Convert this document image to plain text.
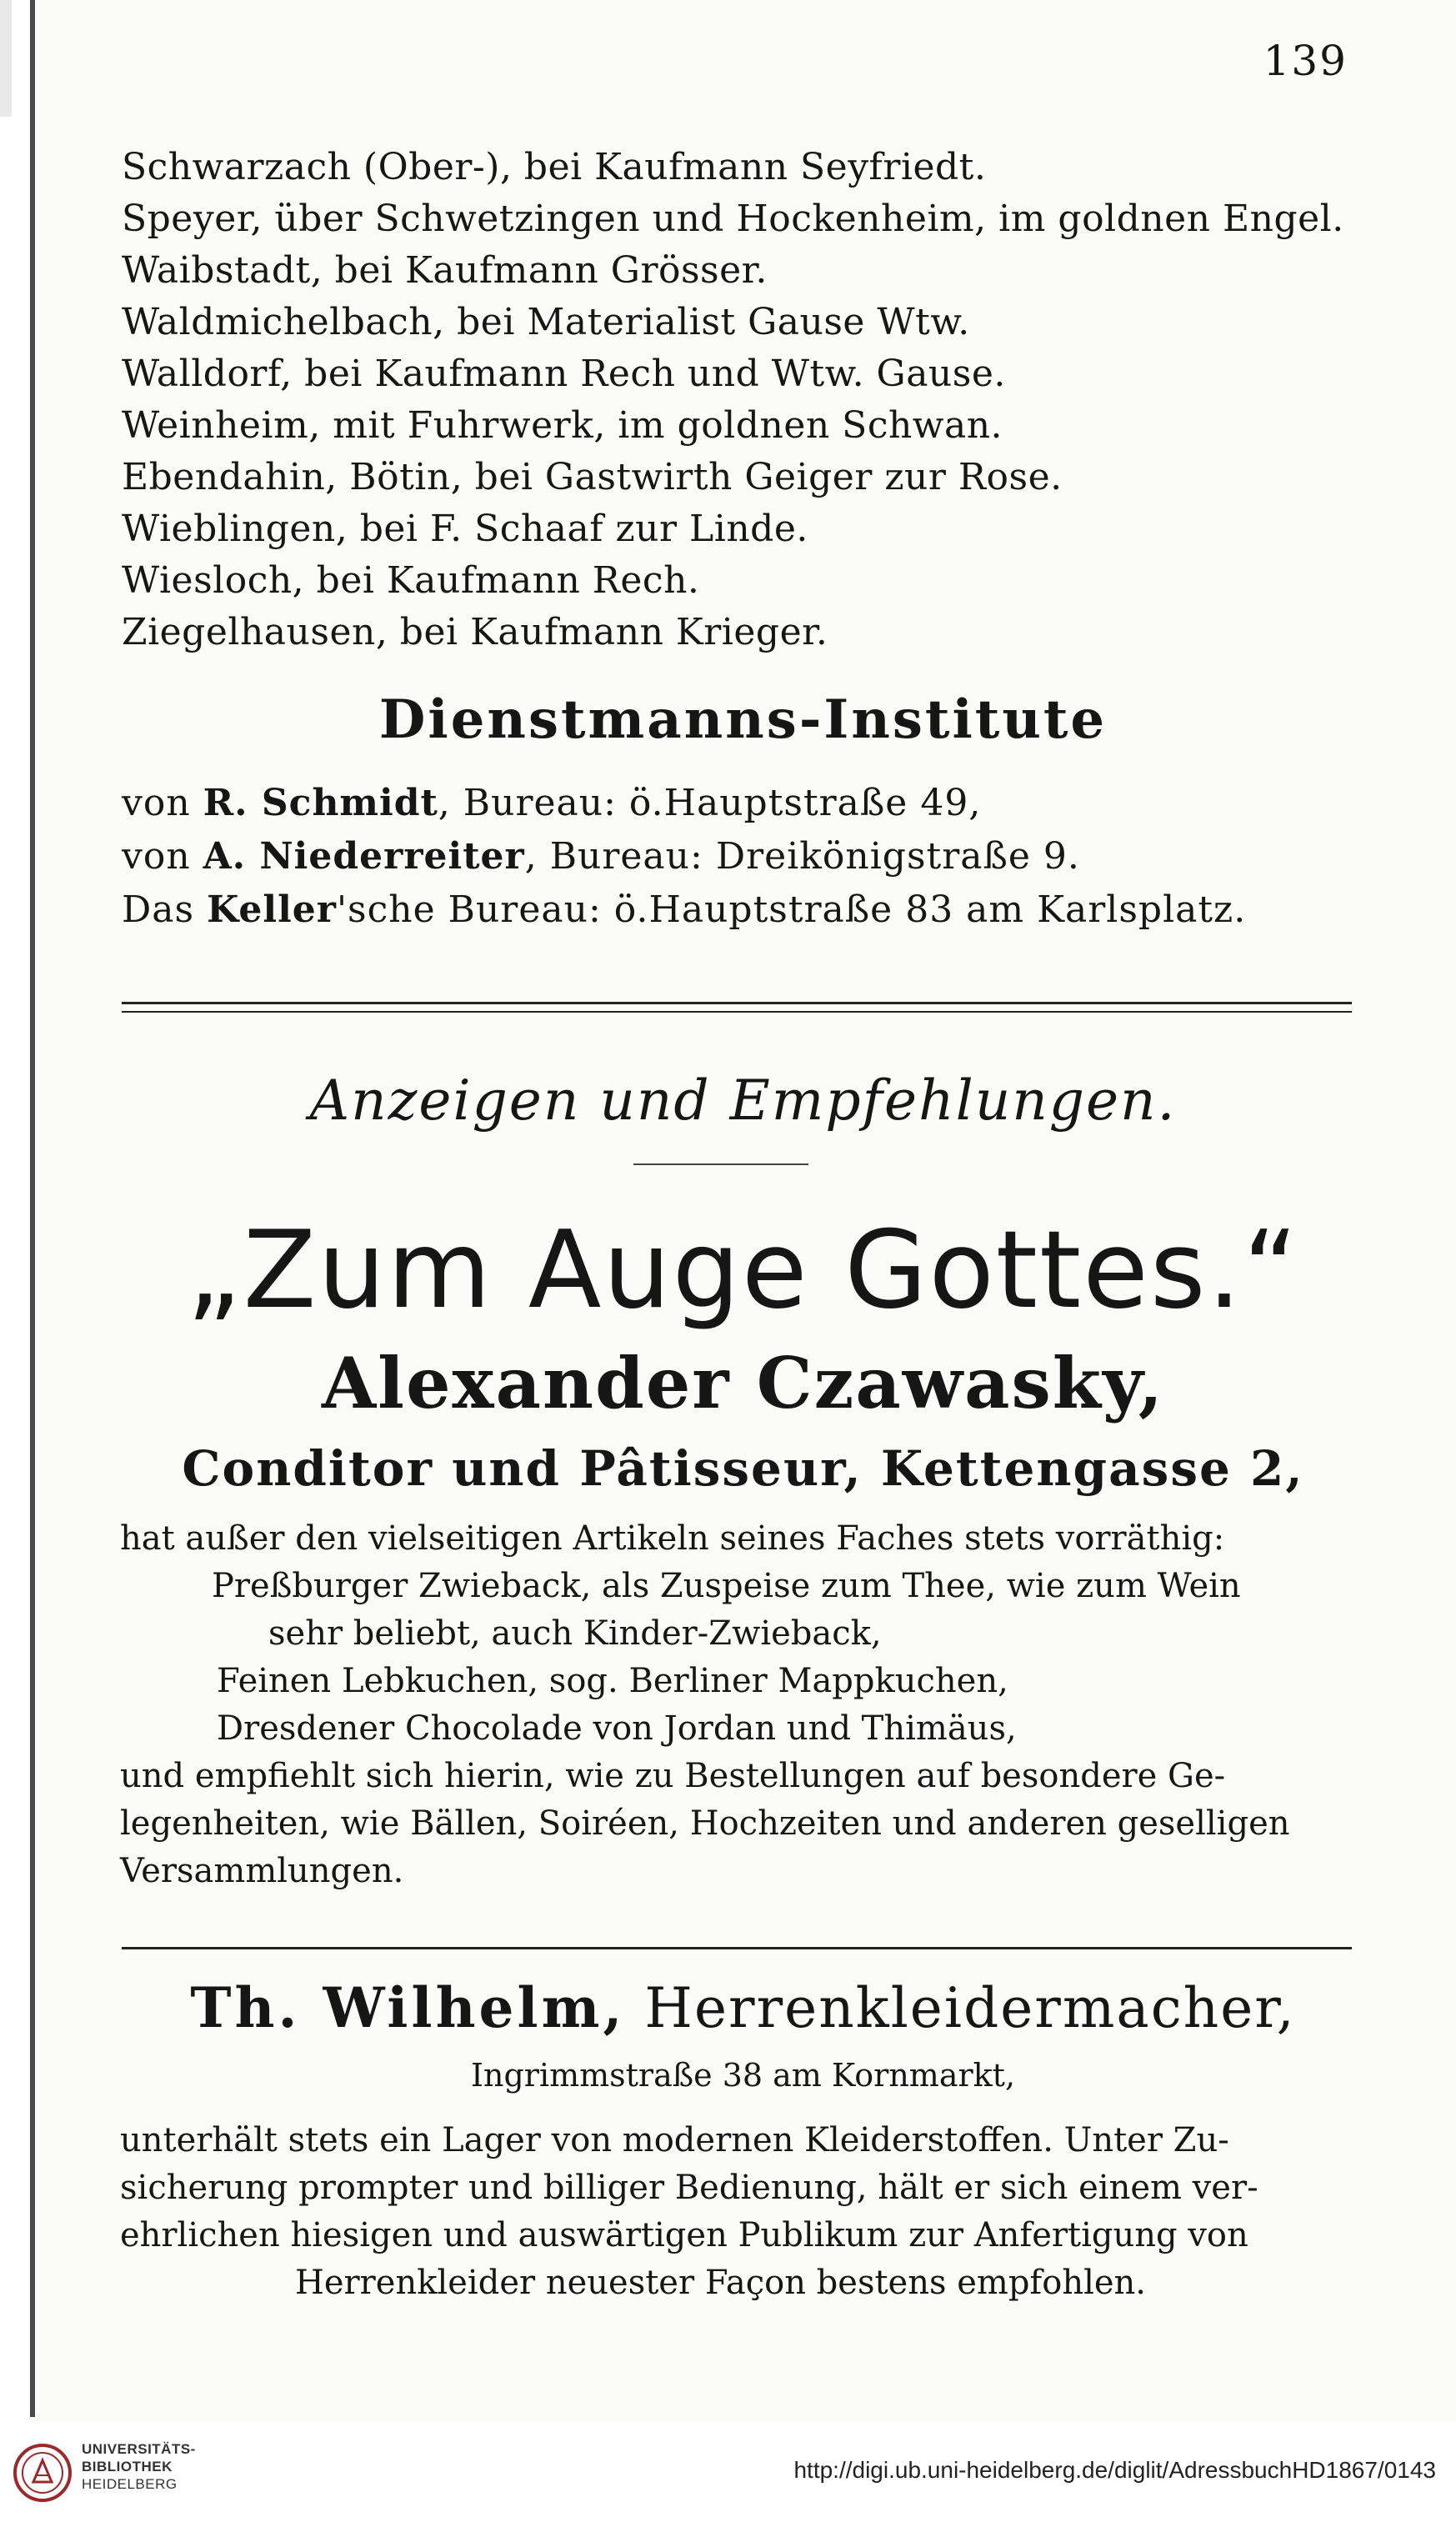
139
Schwarzach (Ober-), bei Kaufmann Seyfriedt.
Speyer, über Schwetzingen und Hockenheim, im goldnen Engel.
Waibstadt, bei Kaufmann Grösser.
Waldmichelbach, bei Materialist Gause Wtw.
Walldorf, bei Kaufmann Rech und Wtw. Gause.
Weinheim, mit Fuhrwerk, im goldnen Schwan.
Ebendahin, Bötin, bei Gastwirth Geiger zur Rose.
Wieblingen, bei F. Schaaf zur Linde.
Wiesloch, bei Kaufmann Rech.
Ziegelhausen, bei Kaufmann Krieger.
Dienstmanns-Institute
von R. Schmidt, Bureau: ö.Hauptstraße 49,
von A. Niederreiter, Bureau: Dreikönigstraße 9.
Das Keller'sche Bureau: ö.Hauptstraße 83 am Karlsplatz.
Anzeigen und Empfehlungen.
„Zum Auge Gottes.“
Alexander Czawasky,
Conditor und Pâtisseur, Kettengasse 2,
hat außer den vielseitigen Artikeln seines Faches stets vorräthig:
Preßburger Zwieback, als Zuspeise zum Thee, wie zum Wein
sehr beliebt, auch Kinder-Zwieback,
Feinen Lebkuchen, sog. Berliner Mappkuchen,
Dresdener Chocolade von Jordan und Thimäus,
und empfiehlt sich hierin, wie zu Bestellungen auf besondere Ge-
legenheiten, wie Bällen, Soiréen, Hochzeiten und anderen geselligen
Versammlungen.
Th. Wilhelm, Herrenkleidermacher,
Ingrimmstraße 38 am Kornmarkt,
unterhält stets ein Lager von modernen Kleiderstoffen. Unter Zu-
sicherung prompter und billiger Bedienung, hält er sich einem ver-
ehrlichen hiesigen und auswärtigen Publikum zur Anfertigung von
Herrenkleider neuester Façon bestens empfohlen.
UNIVERSITÄTS-
BIBLIOTHEK
HEIDELBERG
http://digi.ub.uni-heidelberg.de/diglit/AdressbuchHD1867/0143
